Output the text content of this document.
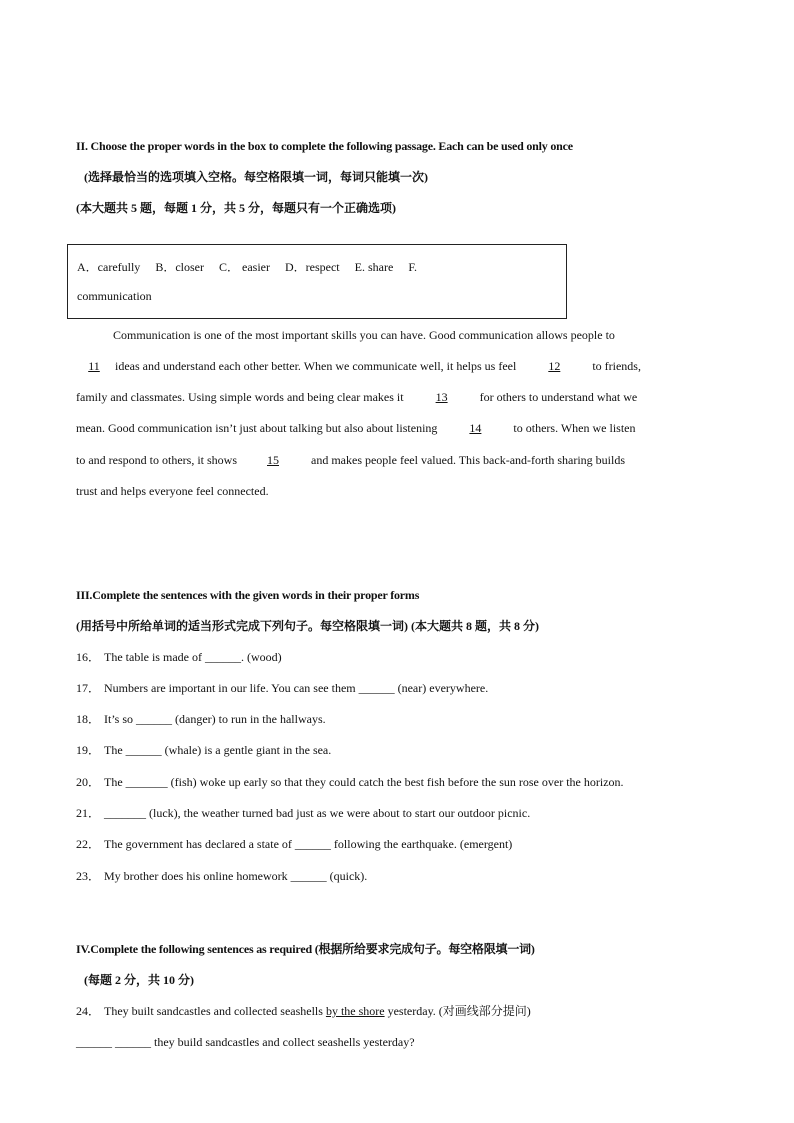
II. Choose the proper words in the box to complete the following passage. Each can be used only once
(选择最恰当的选项填入空格。每空格限填一词，每词只能填一次)
(本大题共 5 题，每题 1 分，共 5 分，每题只有一个正确选项)
A．carefully B．closer C． easier D．respect E. share F.
communication
Communication is one of the most important skills you can have. Good communication allows people to
11 ideas and understand each other better. When we communicate well, it helps us feel	12	to friends,
family and classmates. Using simple words and being clear makes it	13	for others to understand what we
mean. Good communication isn’t just about talking but also about listening	14	to others. When we listen
to and respond to others, it shows	15	and makes people feel valued. This back-and-forth sharing builds
trust and helps everyone feel connected.
III.Complete the sentences with the given words in their proper forms
(用括号中所给单词的适当形式完成下列句子。每空格限填一词) (本大题共 8 题，共 8 分)
16． The table is made of ______. (wood)
17． Numbers are important in our life. You can see them ______ (near) everywhere.
18． It’s so ______ (danger) to run in the hallways.
19． The ______ (whale) is a gentle giant in the sea.
20． The _______ (fish) woke up early so that they could catch the best fish before the sun rose over the horizon.
21． _______ (luck), the weather turned bad just as we were about to start our outdoor picnic.
22． The government has declared a state of ______ following the earthquake. (emergent)
23． My brother does his online homework ______ (quick).
IV.Complete the following sentences as required (根据所给要求完成句子。每空格限填一词)
(每题 2 分，共 10 分)
24． They built sandcastles and collected seashells by the shore yesterday. (对画线部分提问)
______ ______ they build sandcastles and collect seashells yesterday?
